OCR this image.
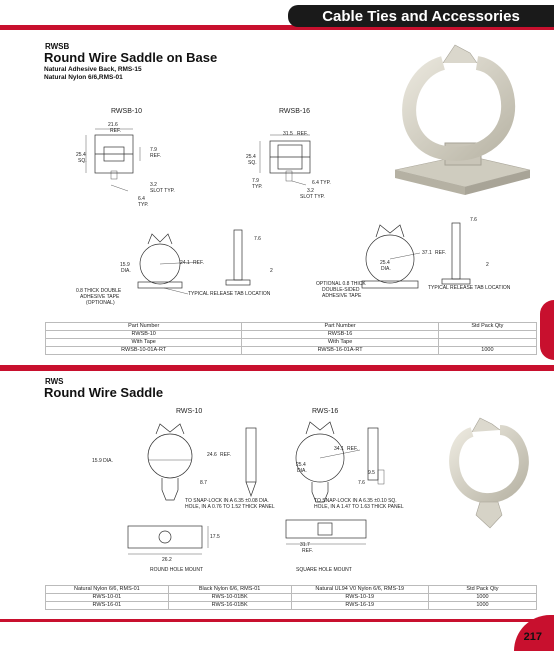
Cable Ties and Accessories
RWSB
Round Wire Saddle on Base
Natural Adhesive Back, RMS-15
Natural Nylon 6/6,RMS-01
RWSB-10	RWSB-16
21.6
REF.
25.4
SQ.
7.9
REF.
3.2
SLOT TYP.
6.4
TYP.
31.5 REF.
25.4
SQ.
7.9
TYP.
6.4 TYP.
3.2
SLOT TYP.
15.9
DIA.
24.1 REF.
7.6
2
0.8 THICK DOUBLE
ADHESIVE TAPE
(OPTIONAL)
TYPICAL RELEASE TAB LOCATION
25.4
DIA.
37.1 REF.
7.6
2
OPTIONAL 0.8 THICK
DOUBLE-SIDED
ADHESIVE TAPE
TYPICAL RELEASE TAB LOCATION
Part Number	Part Number	Std Pack Qty
RWSB-10	RWSB-16	
With Tape	With Tape	
RWSB-10-01A-RT	RWSB-16-01A-RT	1000
RWS
Round Wire Saddle
RWS-10	RWS-16
15.9 DIA.
24.6 REF.
8.7
TO SNAP-LOCK IN A 6.35 ±0.08 DIA.
HOLE, IN A 0.76 TO 1.52 THICK PANEL
25.4
DIA.
34.1 REF.
7.6
9.5
TO SNAP-LOCK IN A 6.35 ±0.10 SQ.
HOLE, IN A 1.47 TO 1.63 THICK PANEL
17.5
26.2
ROUND HOLE MOUNT
31.7
REF.
SQUARE HOLE MOUNT
Natural Nylon 6/6, RMS-01	Black Nylon 6/6, RMS-01	Natural UL94 V0 Nylon 6/6, RMS-19	Std Pack Qty
RWS-10-01	RWS-10-01BK	RWS-10-19	1000
RWS-16-01	RWS-16-01BK	RWS-16-19	1000
217
